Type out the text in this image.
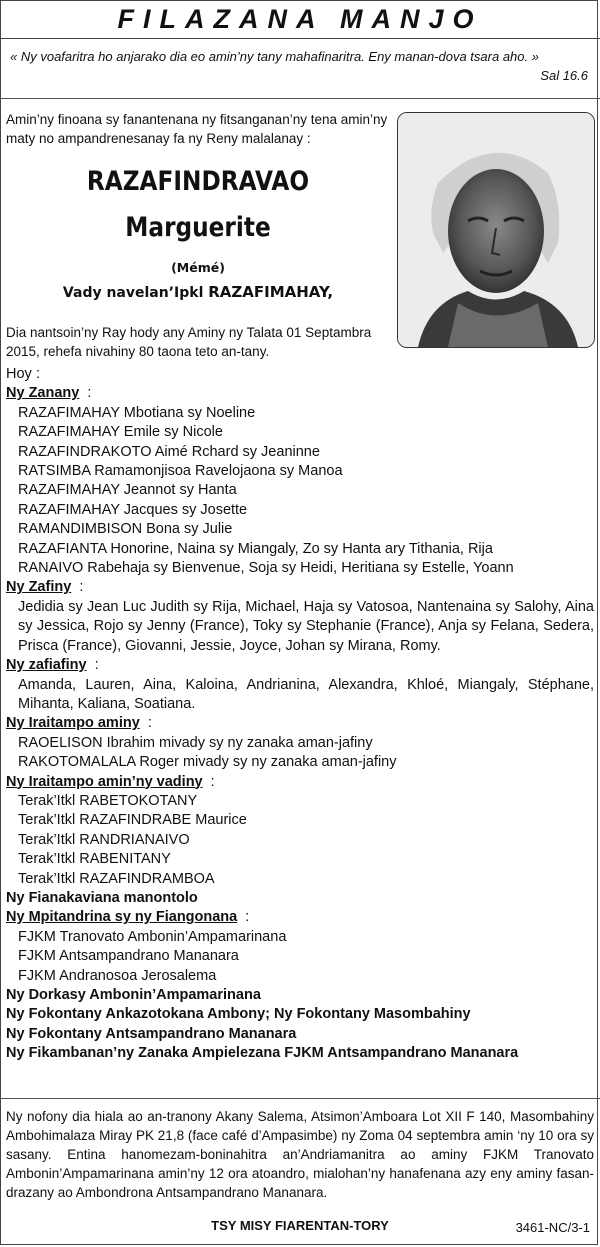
FILAZANA MANJO
« Ny voafaritra ho anjarako dia eo amin’ny tany mahafinaritra. Eny manan-dova tsara aho. »
Sal 16.6
Amin’ny finoana sy fanantenana ny fitsanganan’ny tena amin’ny maty no ampandrenesanay fa ny Reny malalanay :
RAZAFINDRAVAO
Marguerite
(Mémé)
Vady navelan’Ipkl RAZAFIMAHAY,
Dia nantsoin’ny Ray hody any Aminy ny Talata 01 Septambra 2015, rehefa nivahiny 80 taona teto an-tany.
Hoy :
Ny Zanany  :
RAZAFIMAHAY Mbotiana sy Noeline
RAZAFIMAHAY Emile sy Nicole
RAZAFINDRAKOTO Aimé Rchard sy Jeaninne
RATSIMBA Ramamonjisoa Ravelojaona sy Manoa
RAZAFIMAHAY Jeannot sy Hanta
RAZAFIMAHAY Jacques sy Josette
RAMANDIMBISON Bona sy Julie
RAZAFIANTA Honorine, Naina sy Miangaly, Zo sy Hanta ary Tithania, Rija
RANAIVO Rabehaja sy Bienvenue, Soja sy Heidi, Heritiana sy Estelle, Yoann
Ny Zafiny  :
Jedidia sy Jean Luc Judith sy Rija, Michael, Haja sy Vatosoa, Nantenaina sy Salohy, Aina sy Jessica, Rojo sy Jenny (France), Toky sy Stephanie (France), Anja sy Felana, Sedera, Prisca (France), Giovanni, Jessie, Joyce, Johan sy Mirana, Romy.
Ny zafiafiny  :
Amanda, Lauren, Aina, Kaloina, Andrianina, Alexandra, Khloé, Miangaly, Stéphane, Mihanta, Kaliana, Soatiana.
Ny Iraitampo aminy  :
RAOELISON Ibrahim mivady sy ny zanaka aman-jafiny
RAKOTOMALALA Roger mivady sy ny zanaka aman-jafiny
Ny Iraitampo amin’ny vadiny  :
Terak’Itkl RABETOKOTANY
Terak’Itkl RAZAFINDRABE Maurice
Terak’Itkl RANDRIANAIVO
Terak’Itkl RABENITANY
Terak’Itkl RAZAFINDRAMBOA
Ny Fianakaviana manontolo
Ny Mpitandrina sy ny Fiangonana  :
FJKM Tranovato Ambonin’Ampamarinana
FJKM Antsampandrano Mananara
FJKM Andranosoa Jerosalema
Ny Dorkasy Ambonin’Ampamarinana
Ny Fokontany Ankazotokana Ambony; Ny Fokontany Masombahiny
Ny Fokontany Antsampandrano Mananara
Ny Fikambanan’ny Zanaka Ampielezana FJKM Antsampandrano Mananara
Ny nofony dia hiala ao an-tranony Akany Salema, Atsimon’Amboara Lot XII F 140, Masombahiny Ambohimalaza Miray PK 21,8 (face café d’Ampasimbe) ny Zoma 04 septembra amin ‘ny 10 ora sy sasany. Entina hanomezam-boninahitra an’Andriamanitra ao aminy FJKM Tranovato Ambonin’Ampamarinana amin’ny 12 ora atoandro, mialohan’ny hanafenana azy eny aminy fasan-drazany ao Ambondrona Antsampandrano Mananara.
TSY MISY FIARENTAN-TORY	3461-NC/3-1
